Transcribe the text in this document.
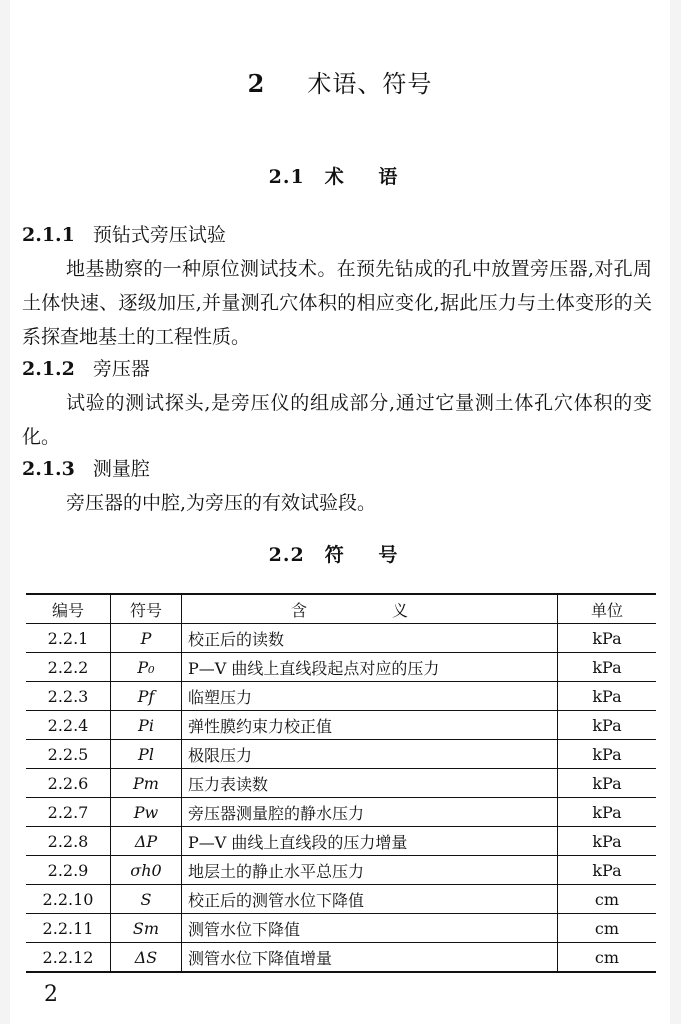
2 术语、符号
2.1 术 语
2.1.1 预钻式旁压试验
地基勘察的一种原位测试技术。在预先钻成的孔中放置旁压器,对孔周土体快速、逐级加压,并量测孔穴体积的相应变化,据此压力与土体变形的关系探查地基土的工程性质。
2.1.2 旁压器
试验的测试探头,是旁压仪的组成部分,通过它量测土体孔穴体积的变化。
2.1.3 测量腔
旁压器的中腔,为旁压的有效试验段。
2.2 符 号
编号	符号	含 义	单位
2.2.1	P	校正后的读数	kPa
2.2.2	P₀	P—V 曲线上直线段起点对应的压力	kPa
2.2.3	Pf	临塑压力	kPa
2.2.4	Pi	弹性膜约束力校正值	kPa
2.2.5	Pl	极限压力	kPa
2.2.6	Pm	压力表读数	kPa
2.2.7	Pw	旁压器测量腔的静水压力	kPa
2.2.8	ΔP	P—V 曲线上直线段的压力增量	kPa
2.2.9	σh0	地层土的静止水平总压力	kPa
2.2.10	S	校正后的测管水位下降值	cm
2.2.11	Sm	测管水位下降值	cm
2.2.12	ΔS	测管水位下降值增量	cm
2
